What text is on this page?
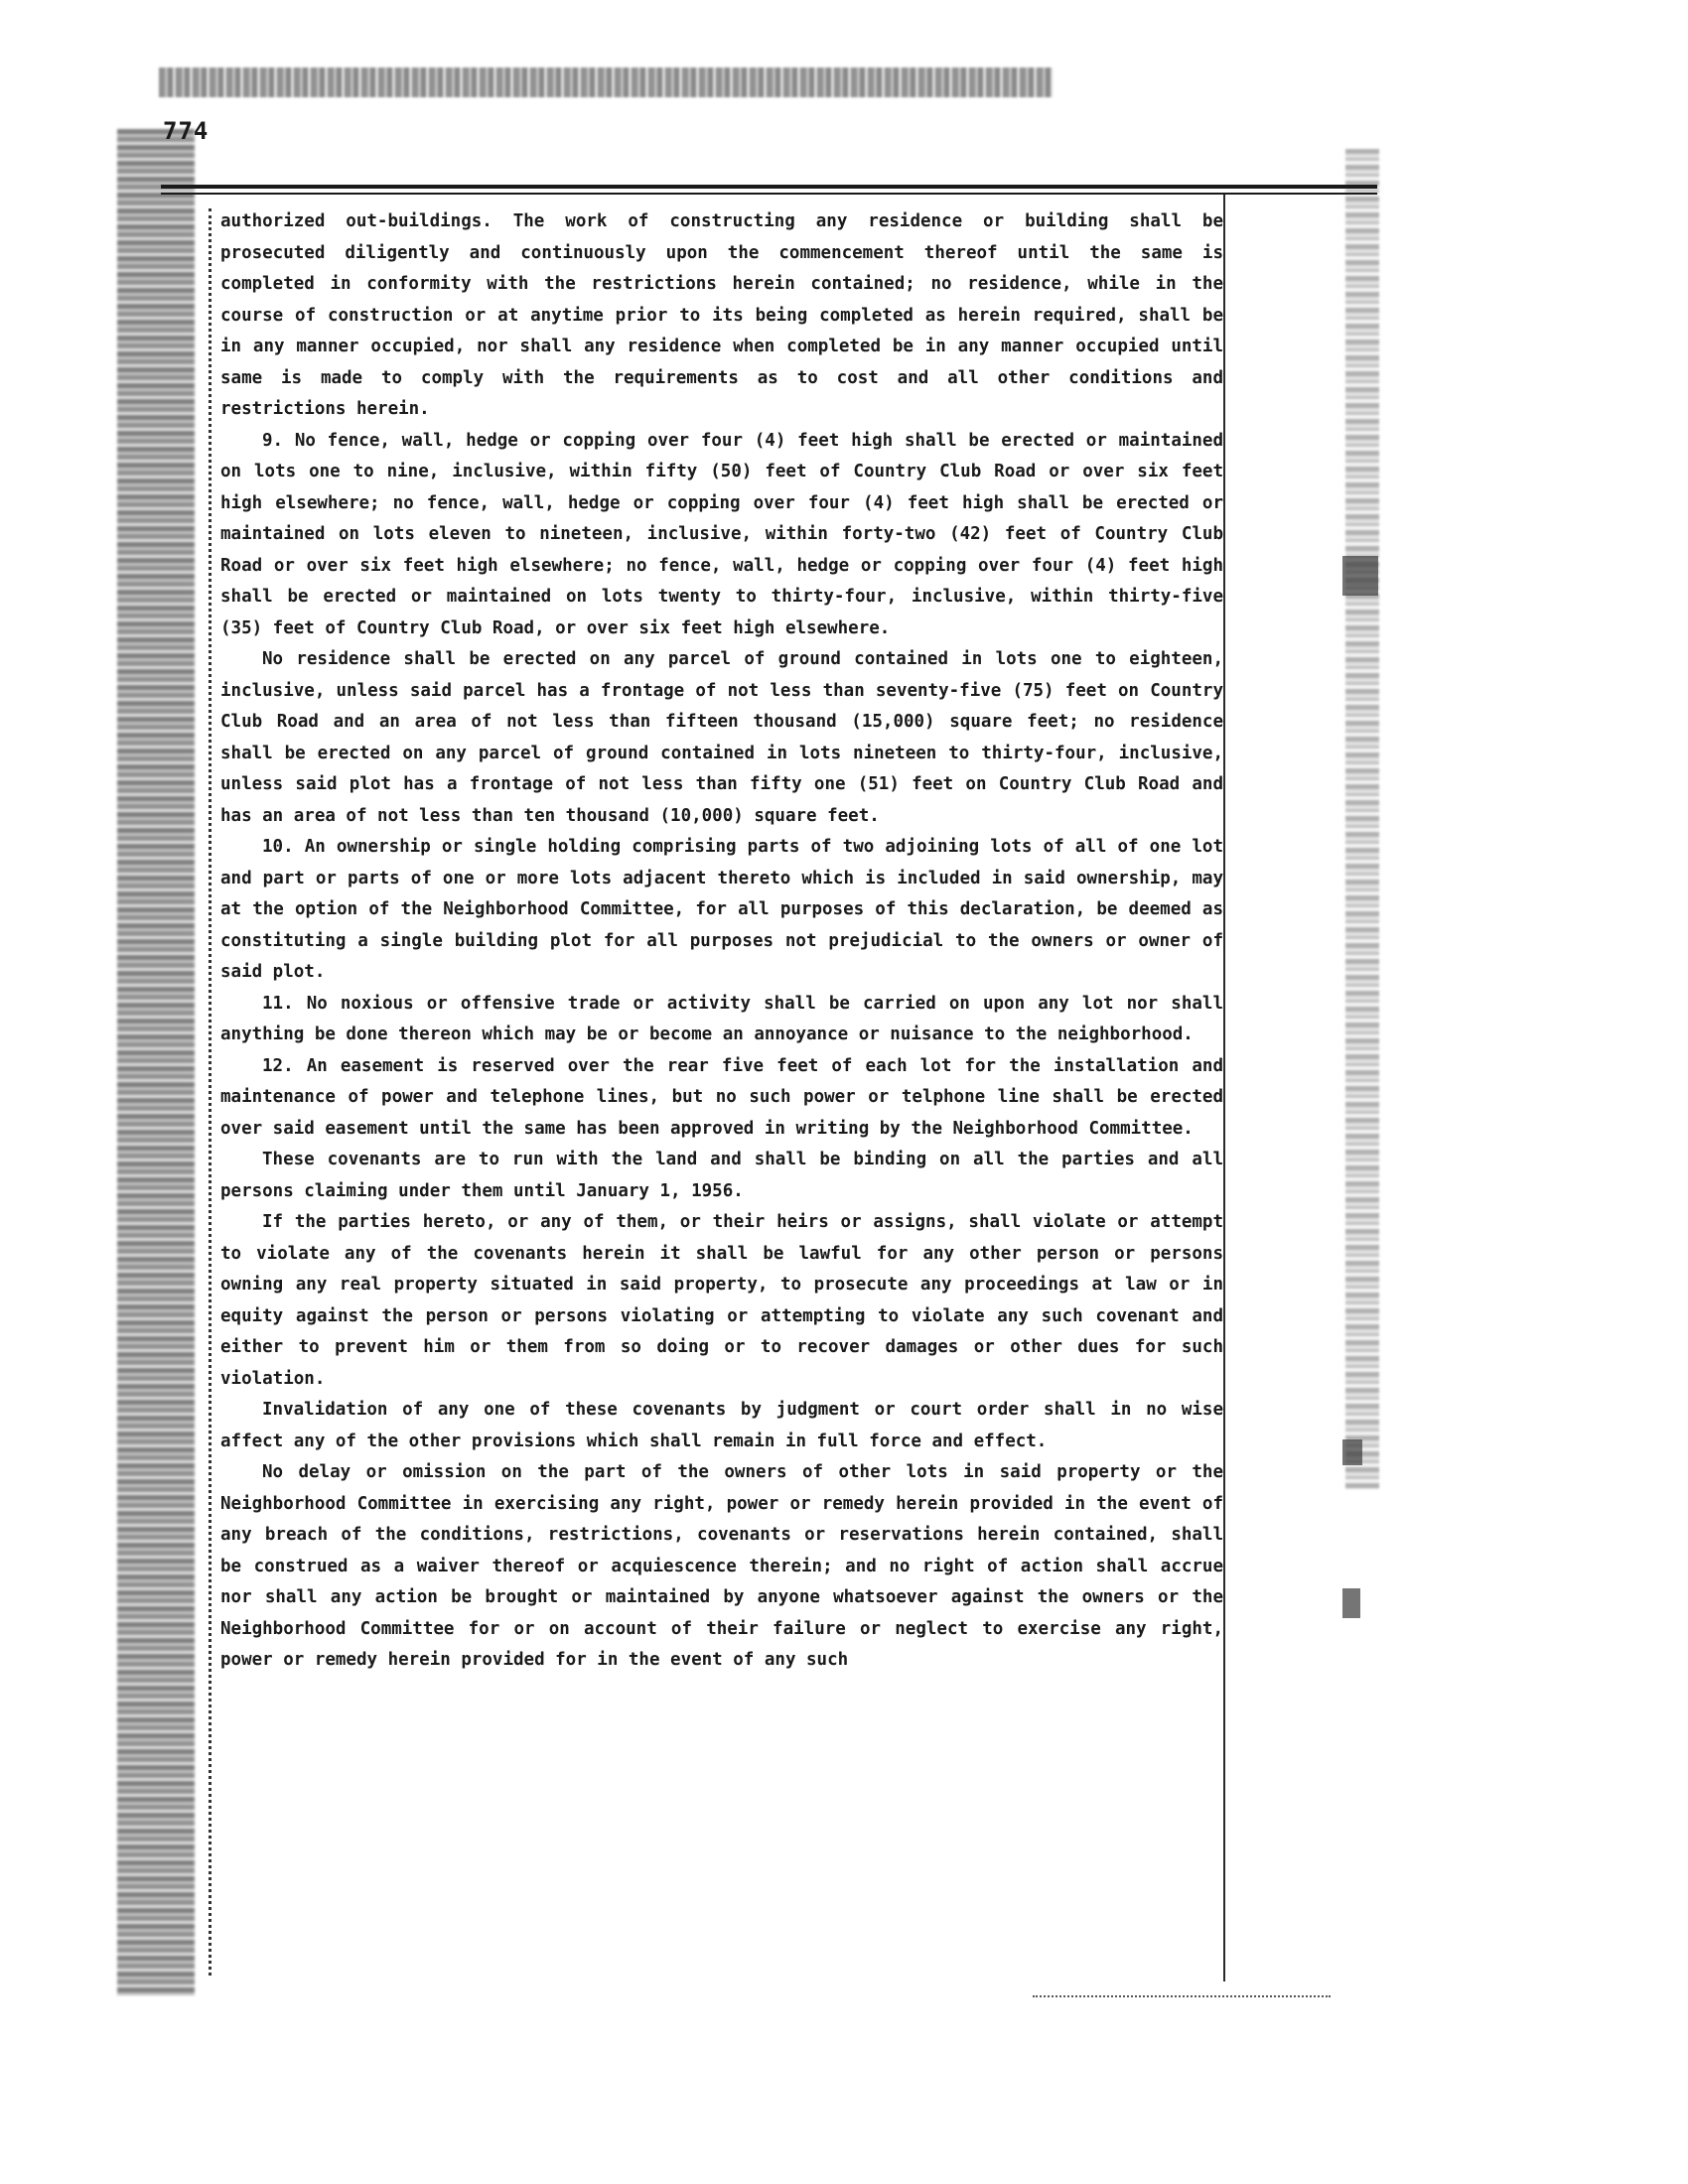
774

authorized out-buildings. The work of constructing any residence or building shall be prosecuted diligently and continuously upon the commencement thereof until the same is completed in conformity with the restrictions herein contained; no residence, while in the course of construction or at anytime prior to its being completed as herein required, shall be in any manner occupied, nor shall any residence when completed be in any manner occupied until same is made to comply with the requirements as to cost and all other conditions and restrictions herein.

9. No fence, wall, hedge or copping over four (4) feet high shall be erected or maintained on lots one to nine, inclusive, within fifty (50) feet of Country Club Road or over six feet high elsewhere; no fence, wall, hedge or copping over four (4) feet high shall be erected or maintained on lots eleven to nineteen, inclusive, within forty-two (42) feet of Country Club Road or over six feet high elsewhere; no fence, wall, hedge or copping over four (4) feet high shall be erected or maintained on lots twenty to thirty-four, inclusive, within thirty-five (35) feet of Country Club Road, or over six feet high elsewhere.

No residence shall be erected on any parcel of ground contained in lots one to eighteen, inclusive, unless said parcel has a frontage of not less than seventy-five (75) feet on Country Club Road and an area of not less than fifteen thousand (15,000) square feet; no residence shall be erected on any parcel of ground contained in lots nineteen to thirty-four, inclusive, unless said plot has a frontage of not less than fifty one (51) feet on Country Club Road and has an area of not less than ten thousand (10,000) square feet.

10. An ownership or single holding comprising parts of two adjoining lots of all of one lot and part or parts of one or more lots adjacent thereto which is included in said ownership, may at the option of the Neighborhood Committee, for all purposes of this declaration, be deemed as constituting a single building plot for all purposes not prejudicial to the owners or owner of said plot.

11. No noxious or offensive trade or activity shall be carried on upon any lot nor shall anything be done thereon which may be or become an annoyance or nuisance to the neighborhood.

12. An easement is reserved over the rear five feet of each lot for the installation and maintenance of power and telephone lines, but no such power or telphone line shall be erected over said easement until the same has been approved in writing by the Neighborhood Committee.

These covenants are to run with the land and shall be binding on all the parties and all persons claiming under them until January 1, 1956.

If the parties hereto, or any of them, or their heirs or assigns, shall violate or attempt to violate any of the covenants herein it shall be lawful for any other person or persons owning any real property situated in said property, to prosecute any proceedings at law or in equity against the person or persons violating or attempting to violate any such covenant and either to prevent him or them from so doing or to recover damages or other dues for such violation.

Invalidation of any one of these covenants by judgment or court order shall in no wise affect any of the other provisions which shall remain in full force and effect.

No delay or omission on the part of the owners of other lots in said property or the Neighborhood Committee in exercising any right, power or remedy herein provided in the event of any breach of the conditions, restrictions, covenants or reservations herein contained, shall be construed as a waiver thereof or acquiescence therein; and no right of action shall accrue nor shall any action be brought or maintained by anyone whatsoever against the owners or the Neighborhood Committee for or on account of their failure or neglect to exercise any right, power or remedy herein provided for in the event of any such
